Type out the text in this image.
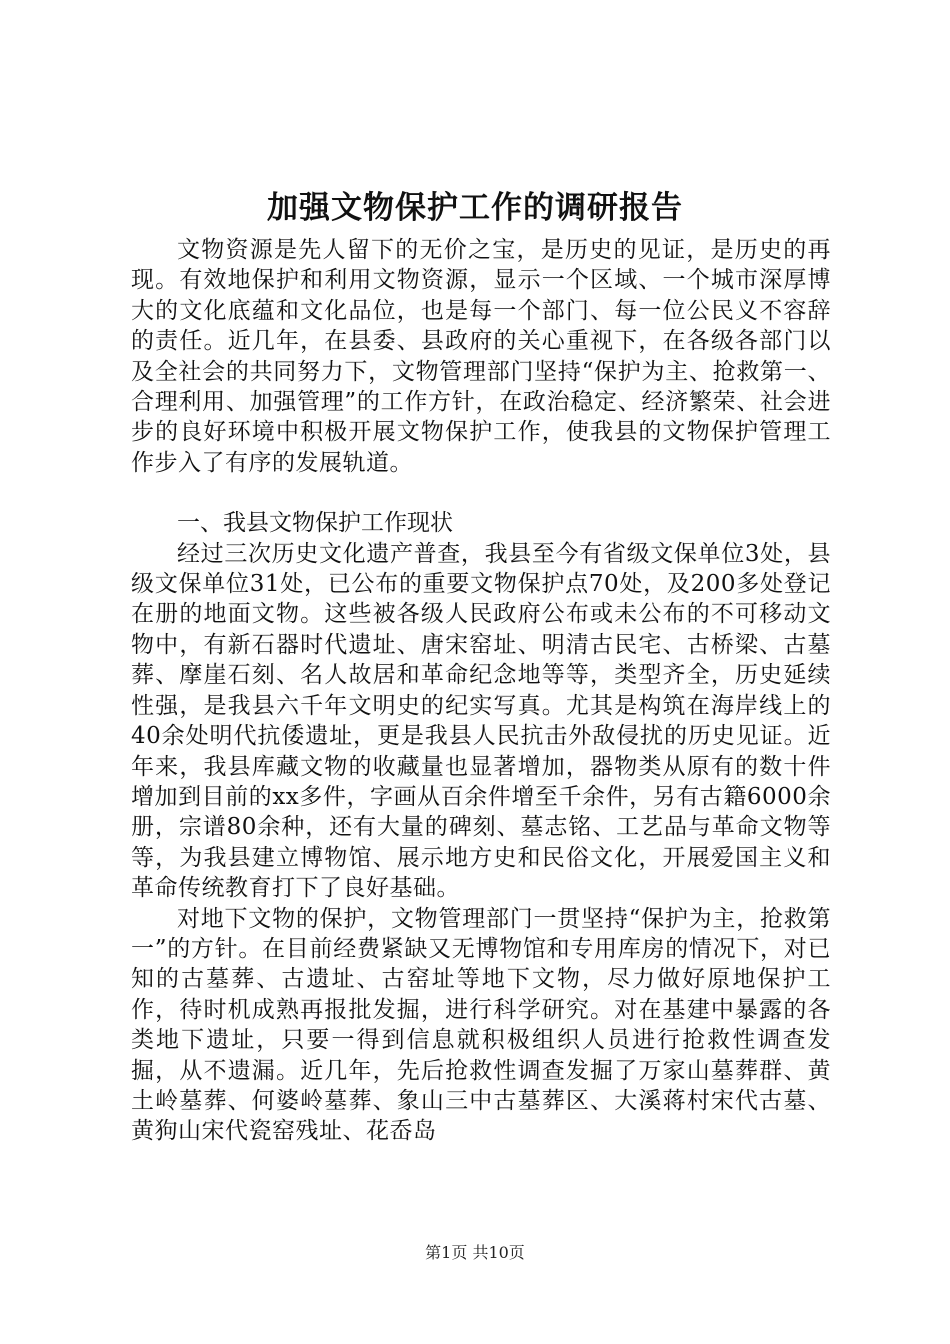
加强文物保护工作的调研报告

文物资源是先人留下的无价之宝，是历史的见证，是历史的再现。有效地保护和利用文物资源，显示一个区域、一个城市深厚博大的文化底蕴和文化品位，也是每一个部门、每一位公民义不容辞的责任。近几年，在县委、县政府的关心重视下，在各级各部门以及全社会的共同努力下，文物管理部门坚持“保护为主、抢救第一、合理利用、加强管理”的工作方针，在政治稳定、经济繁荣、社会进步的良好环境中积极开展文物保护工作，使我县的文物保护管理工作步入了有序的发展轨道。

一、我县文物保护工作现状

经过三次历史文化遗产普查，我县至今有省级文保单位3处，县级文保单位31处，已公布的重要文物保护点70处，及200多处登记在册的地面文物。这些被各级人民政府公布或未公布的不可移动文物中，有新石器时代遗址、唐宋窑址、明清古民宅、古桥梁、古墓葬、摩崖石刻、名人故居和革命纪念地等等，类型齐全，历史延续性强，是我县六千年文明史的纪实写真。尤其是构筑在海岸线上的40余处明代抗倭遗址，更是我县人民抗击外敌侵扰的历史见证。近年来，我县库藏文物的收藏量也显著增加，器物类从原有的数十件增加到目前的xx多件，字画从百余件增至千余件，另有古籍6000余册，宗谱80余种，还有大量的碑刻、墓志铭、工艺品与革命文物等等，为我县建立博物馆、展示地方史和民俗文化，开展爱国主义和革命传统教育打下了良好基础。

对地下文物的保护，文物管理部门一贯坚持“保护为主，抢救第一”的方针。在目前经费紧缺又无博物馆和专用库房的情况下，对已知的古墓葬、古遗址、古窑址等地下文物，尽力做好原地保护工作，待时机成熟再报批发掘，进行科学研究。对在基建中暴露的各类地下遗址，只要一得到信息就积极组织人员进行抢救性调查发掘，从不遗漏。近几年，先后抢救性调查发掘了万家山墓葬群、黄土岭墓葬、何婆岭墓葬、象山三中古墓葬区、大溪蒋村宋代古墓、黄狗山宋代瓷窑残址、花岙岛

第1页 共10页
